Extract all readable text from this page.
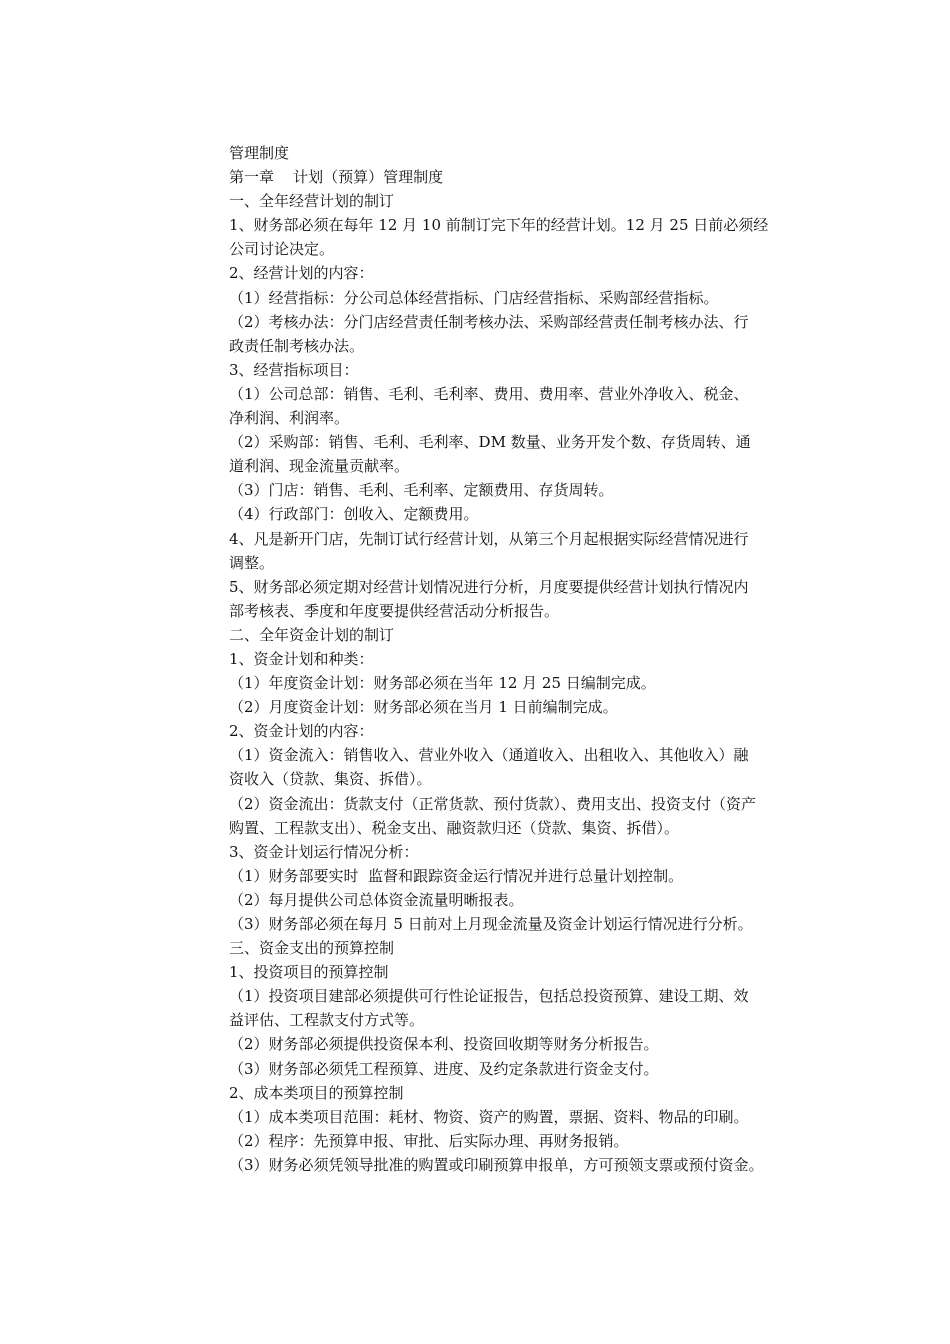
管理制度
第一章    计划（预算）管理制度
一、全年经营计划的制订
1、财务部必须在每年 12 月 10 前制订完下年的经营计划。12 月 25 日前必须经
公司讨论决定。
2、经营计划的内容：
（1）经营指标：分公司总体经营指标、门店经营指标、采购部经营指标。
（2）考核办法：分门店经营责任制考核办法、采购部经营责任制考核办法、行
政责任制考核办法。
3、经营指标项目：
（1）公司总部：销售、毛利、毛利率、费用、费用率、营业外净收入、税金、
净利润、利润率。
（2）采购部：销售、毛利、毛利率、DM 数量、业务开发个数、存货周转、通
道利润、现金流量贡献率。
（3）门店：销售、毛利、毛利率、定额费用、存货周转。
（4）行政部门：创收入、定额费用。
4、凡是新开门店，先制订试行经营计划，从第三个月起根据实际经营情况进行
调整。
5、财务部必须定期对经营计划情况进行分析，月度要提供经营计划执行情况内
部考核表、季度和年度要提供经营活动分析报告。
二、全年资金计划的制订
1、资金计划和种类：
（1）年度资金计划：财务部必须在当年 12 月 25 日编制完成。
（2）月度资金计划：财务部必须在当月 1 日前编制完成。
2、资金计划的内容：
（1）资金流入：销售收入、营业外收入（通道收入、出租收入、其他收入）融
资收入（贷款、集资、拆借）。
（2）资金流出：货款支付（正常货款、预付货款）、费用支出、投资支付（资产
购置、工程款支出）、税金支出、融资款归还（贷款、集资、拆借）。
3、资金计划运行情况分析：
（1）财务部要实时  监督和跟踪资金运行情况并进行总量计划控制。
（2）每月提供公司总体资金流量明晰报表。
（3）财务部必须在每月 5 日前对上月现金流量及资金计划运行情况进行分析。
三、资金支出的预算控制
1、投资项目的预算控制
（1）投资项目建部必须提供可行性论证报告，包括总投资预算、建设工期、效
益评估、工程款支付方式等。
（2）财务部必须提供投资保本利、投资回收期等财务分析报告。
（3）财务部必须凭工程预算、进度、及约定条款进行资金支付。
2、成本类项目的预算控制
（1）成本类项目范围：耗材、物资、资产的购置，票据、资料、物品的印刷。
（2）程序：先预算申报、审批、后实际办理、再财务报销。
（3）财务必须凭领导批准的购置或印刷预算申报单，方可预领支票或预付资金。
